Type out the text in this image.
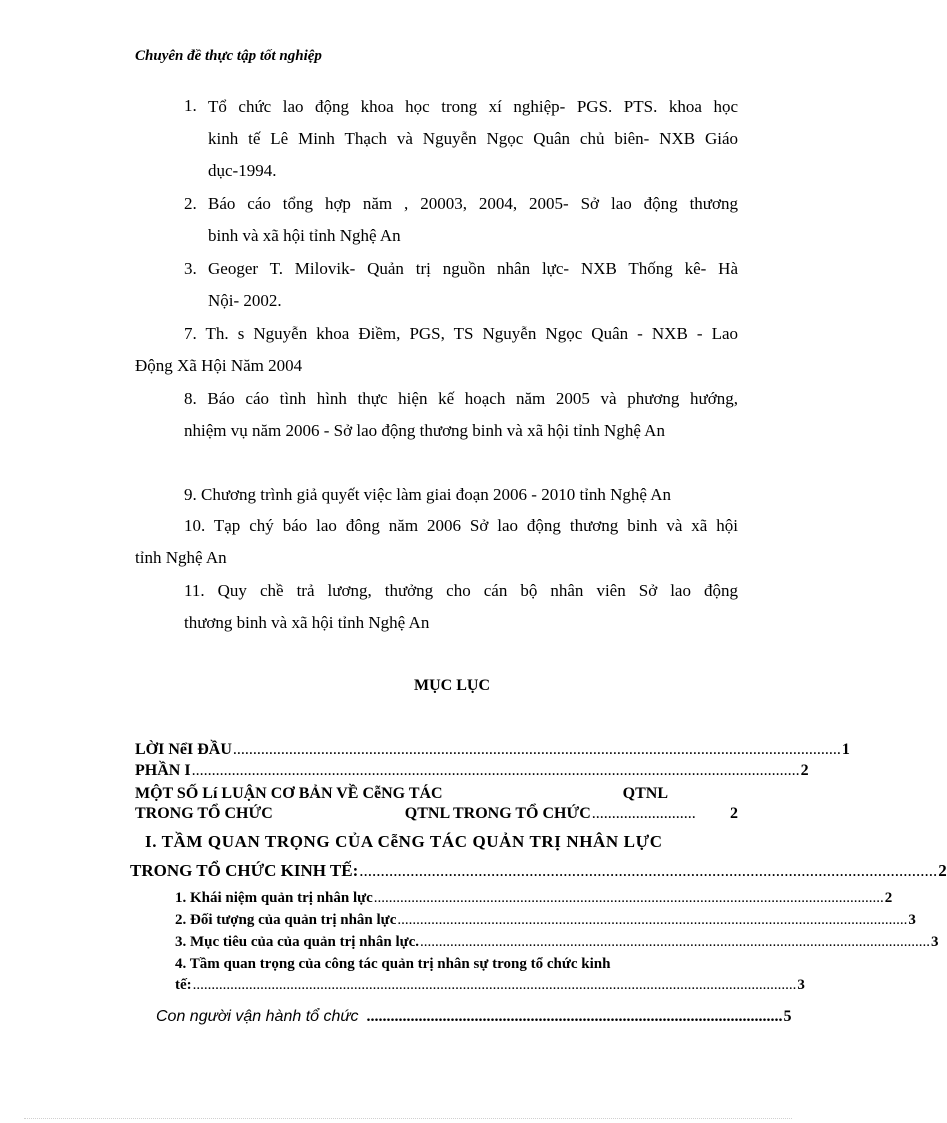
Chuyên đề thực tập tốt nghiệp
1. Tổ chức lao động khoa học trong xí nghiệp- PGS. PTS. khoa học
kinh tế Lê Minh Thạch và Nguyễn Ngọc Quân chủ biên- NXB Giáo
dục-1994.
2. Báo cáo tổng hợp năm , 20003, 2004, 2005- Sở lao động thương
binh và xã hội tỉnh Nghệ An
3. Geoger T. Milovik- Quản trị nguồn nhân lực- NXB Thống kê- Hà
Nội- 2002.
7. Th. s Nguyễn khoa Điềm, PGS, TS Nguyễn Ngọc Quân - NXB - Lao
Động Xã Hội Năm 2004
8. Báo cáo tình hình thực hiện kế hoạch năm 2005 và phương hướng,
nhiệm vụ năm 2006 - Sở lao động thương binh và xã hội tỉnh Nghệ An
9. Chương trình giả quyết việc làm giai đoạn 2006 - 2010 tỉnh Nghệ An
10. Tạp chý báo lao đông năm 2006 Sở lao động thương binh và xã hội
tỉnh Nghệ An
11. Quy chề trả lương, thưởng cho cán bộ nhân viên Sở lao động
thương binh và xã hội tỉnh Nghệ An
MỤC LỤC
LỜI NểI ĐẦU ........................................................................................................................................................ 1
PHẦN I ........................................................................................................................................................ 2
MỘT SỐ Lí LUẬN CƠ BẢN VỀ CễNG TÁC	QTNL
TRONG TỔ CHỨC	QTNL TRONG TỔ CHỨC ..........................	2
I. TẦM QUAN TRỌNG CỦA CễNG TÁC QUẢN TRỊ NHÂN LỰC
TRONG TỔ CHỨC KINH TẾ: ........................................................................................................................................ 2
1. Khái niệm quản trị nhân lực ........................................................................................................................................ 2
2. Đối tượng của quản trị nhân lực ........................................................................................................................................ 3
3. Mục tiêu của của quản trị nhân lực. ........................................................................................................................................ 3
4. Tầm quan trọng của công tác quản trị nhân sự trong tổ chức kinh
tế: ................................................................................................................................................................. 3
Con người vận hành tổ chức ........................................................................................................ 5
